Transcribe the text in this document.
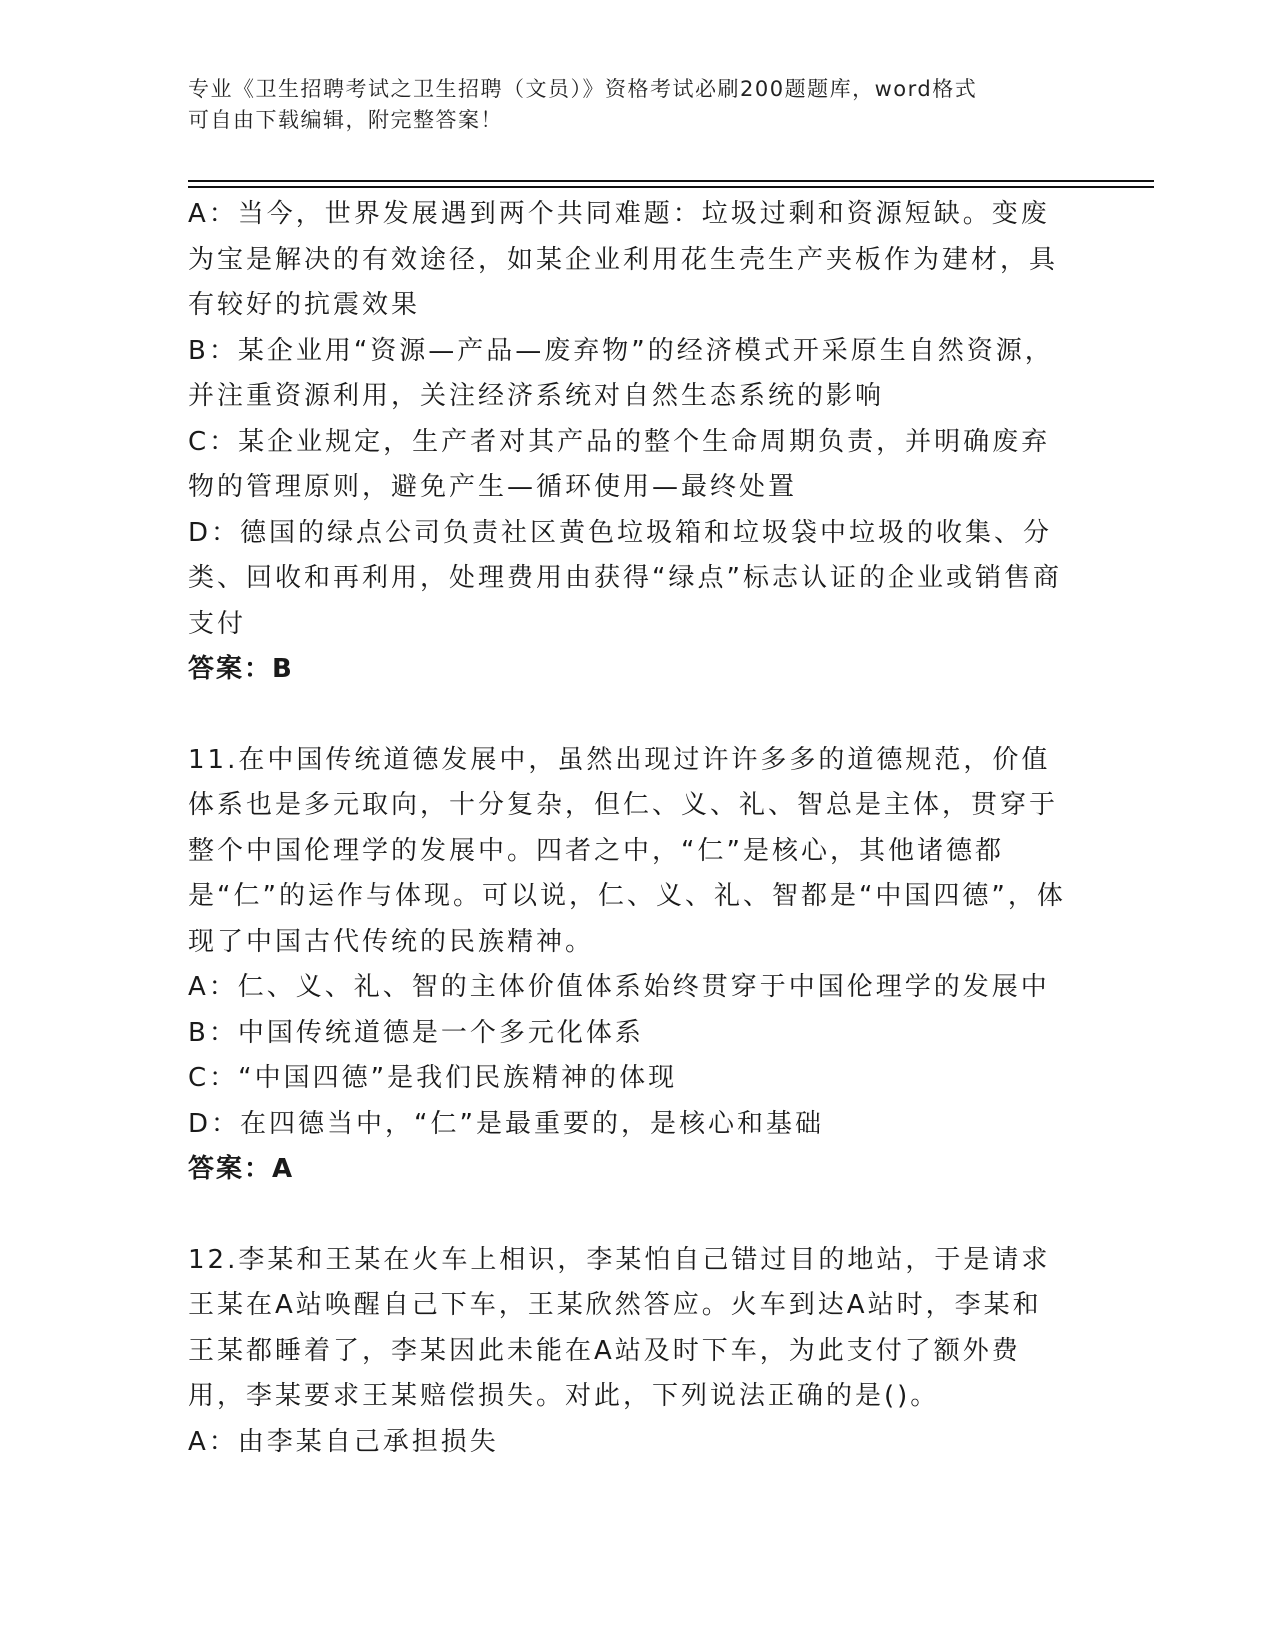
专业《卫生招聘考试之卫生招聘（文员）》资格考试必刷200题题库，word格式
可自由下载编辑，附完整答案！

A：当今，世界发展遇到两个共同难题：垃圾过剩和资源短缺。变废为宝是解决的有效途径，如某企业利用花生壳生产夹板作为建材，具有较好的抗震效果

B：某企业用“资源—产品—废弃物”的经济模式开采原生自然资源，并注重资源利用，关注经济系统对自然生态系统的影响

C：某企业规定，生产者对其产品的整个生命周期负责，并明确废弃物的管理原则，避免产生—循环使用—最终处置

D：德国的绿点公司负责社区黄色垃圾箱和垃圾袋中垃圾的收集、分类、回收和再利用，处理费用由获得“绿点”标志认证的企业或销售商支付

答案：B

11.在中国传统道德发展中，虽然出现过许许多多的道德规范，价值体系也是多元取向，十分复杂，但仁、义、礼、智总是主体，贯穿于整个中国伦理学的发展中。四者之中，“仁”是核心，其他诸德都是“仁”的运作与体现。可以说，仁、义、礼、智都是“中国四德”，体现了中国古代传统的民族精神。

A：仁、义、礼、智的主体价值体系始终贯穿于中国伦理学的发展中

B：中国传统道德是一个多元化体系

C：“中国四德”是我们民族精神的体现

D：在四德当中，“仁”是最重要的，是核心和基础

答案：A

12.李某和王某在火车上相识，李某怕自己错过目的地站，于是请求王某在A站唤醒自己下车，王某欣然答应。火车到达A站时，李某和王某都睡着了，李某因此未能在A站及时下车，为此支付了额外费用，李某要求王某赔偿损失。对此，下列说法正确的是()。

A：由李某自己承担损失
